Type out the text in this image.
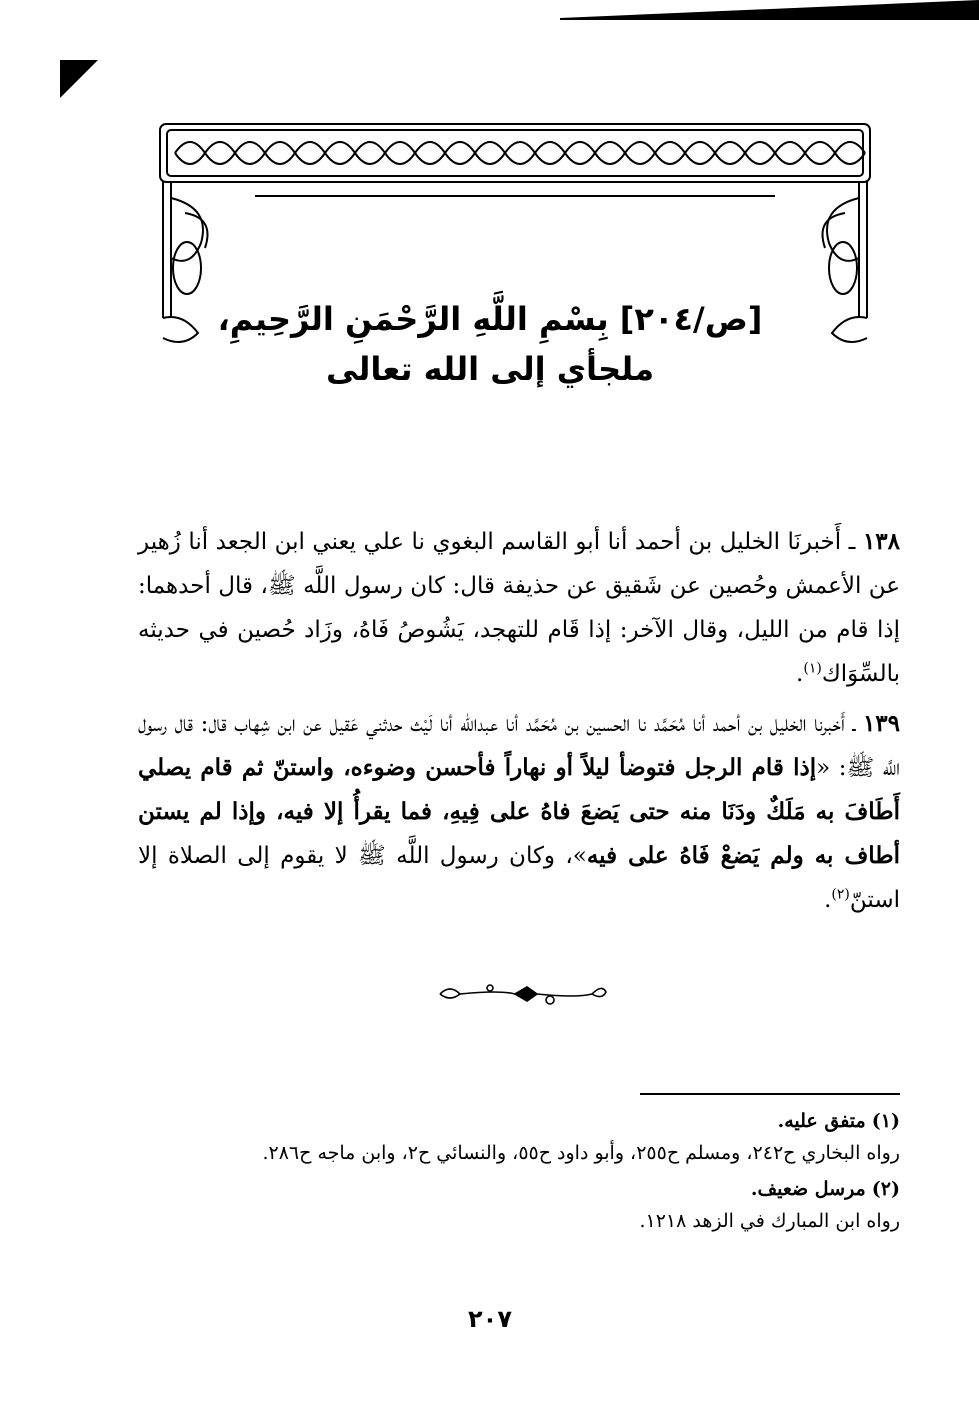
[ص/٢٠٤] بِسْمِ اللَّهِ الرَّحْمَنِ الرَّحِيمِ،
ملجأي إلى الله تعالى

١٣٨ ـ أَخبرنَا الخليل بن أحمد أنا أبو القاسم البغوي نا علي يعني ابن الجعد أنا زُهير عن الأعمش وحُصين عن شَقيق عن حذيفة قال: كان رسول اللَّه ﷺ، قال أحدهما: إذا قام من الليل، وقال الآخر: إذا قَام للتهجد، يَشُوصُ فَاهُ، وزَاد حُصين في حديثه بالسِّوَاك$^{(١)}$.

١٣٩ ـ أَخبرنا الخليل بن أحمد أنا مُحَمَّد نا الحسين بن مُحَمَّد أنا عبدالله أنا لَيْث حدثني عَقيل عن ابن شِهاب قال: قال رسول اللَّه ﷺ: «إذا قام الرجل فتوضأ ليلاً أو نهاراً فأحسن وضوءه، واستنّ ثم قام يصلي أَطَافَ به مَلَكٌ ودَنَا منه حتى يَضعَ فاهُ على فِيهِ، فما يقرأُ إلا فيه، وإذا لم يستن أطاف به ولم يَضعْ فَاهُ على فيه»، وكان رسول اللَّه ﷺ لا يقوم إلى الصلاة إلا استنّ$^{(٢)}$.

(١) متفق عليه.

رواه البخاري ح٢٤٢، ومسلم ح٢٥٥، وأبو داود ح٥٥، والنسائي ح٢، وابن ماجه ح٢٨٦.

(٢) مرسل ضعيف.

رواه ابن المبارك في الزهد ١٢١٨.

٢٠٧
